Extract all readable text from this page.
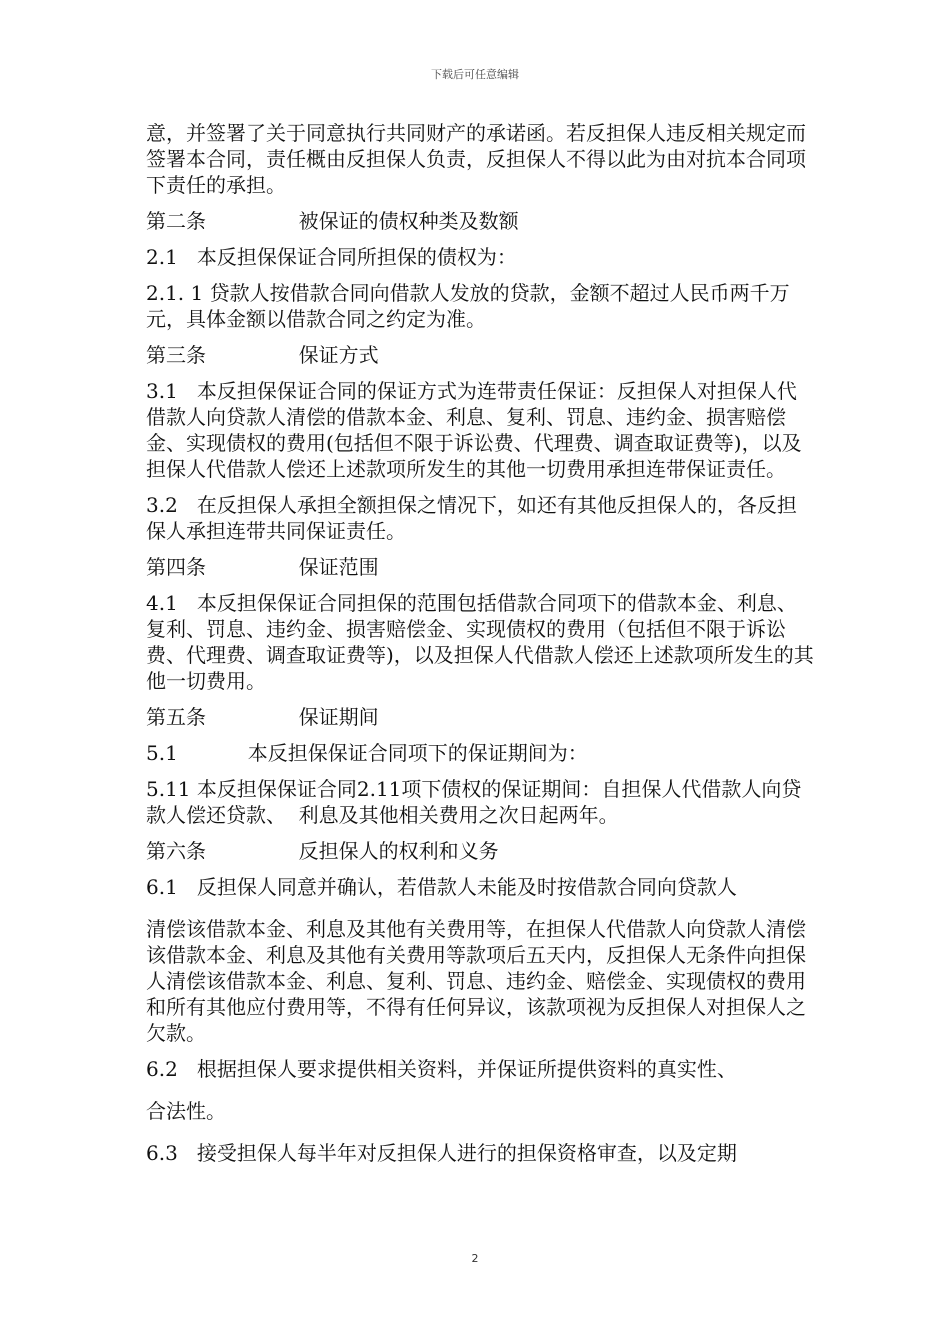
下载后可任意编辑

意，并签署了关于同意执行共同财产的承诺函。若反担保人违反相关规定而签署本合同，责任概由反担保人负责，反担保人不得以此为由对抗本合同项下责任的承担。

第二条		被保证的债权种类及数额

2.1	本反担保保证合同所担保的债权为：

2.1. 1 贷款人按借款合同向借款人发放的贷款，金额不超过人民币两千万元，具体金额以借款合同之约定为准。

第三条		保证方式

3.1	本反担保保证合同的保证方式为连带责任保证：反担保人对担保人代借款人向贷款人清偿的借款本金、利息、复利、罚息、违约金、损害赔偿金、实现债权的费用(包括但不限于诉讼费、代理费、调查取证费等)，以及担保人代借款人偿还上述款项所发生的其他一切费用承担连带保证责任。

3.2	在反担保人承担全额担保之情况下，如还有其他反担保人的，各反担保人承担连带共同保证责任。

第四条		保证范围

4.1	本反担保保证合同担保的范围包括借款合同项下的借款本金、利息、复利、罚息、违约金、损害赔偿金、实现债权的费用（包括但不限于诉讼费、代理费、调查取证费等)，以及担保人代借款人偿还上述款项所发生的其他一切费用。

第五条		保证期间

5.1		本反担保保证合同项下的保证期间为：

5.11	本反担保保证合同2.11项下债权的保证期间：自担保人代借款人向贷款人偿还贷款、	利息及其他相关费用之次日起两年。

第六条		反担保人的权利和义务

6.1	反担保人同意并确认，若借款人未能及时按借款合同向贷款人

清偿该借款本金、利息及其他有关费用等，在担保人代借款人向贷款人清偿该借款本金、利息及其他有关费用等款项后五天内，反担保人无条件向担保人清偿该借款本金、利息、复利、罚息、违约金、赔偿金、实现债权的费用和所有其他应付费用等，不得有任何异议，该款项视为反担保人对担保人之欠款。

6.2	根据担保人要求提供相关资料，并保证所提供资料的真实性、

合法性。

6.3	接受担保人每半年对反担保人进行的担保资格审查，以及定期

2
